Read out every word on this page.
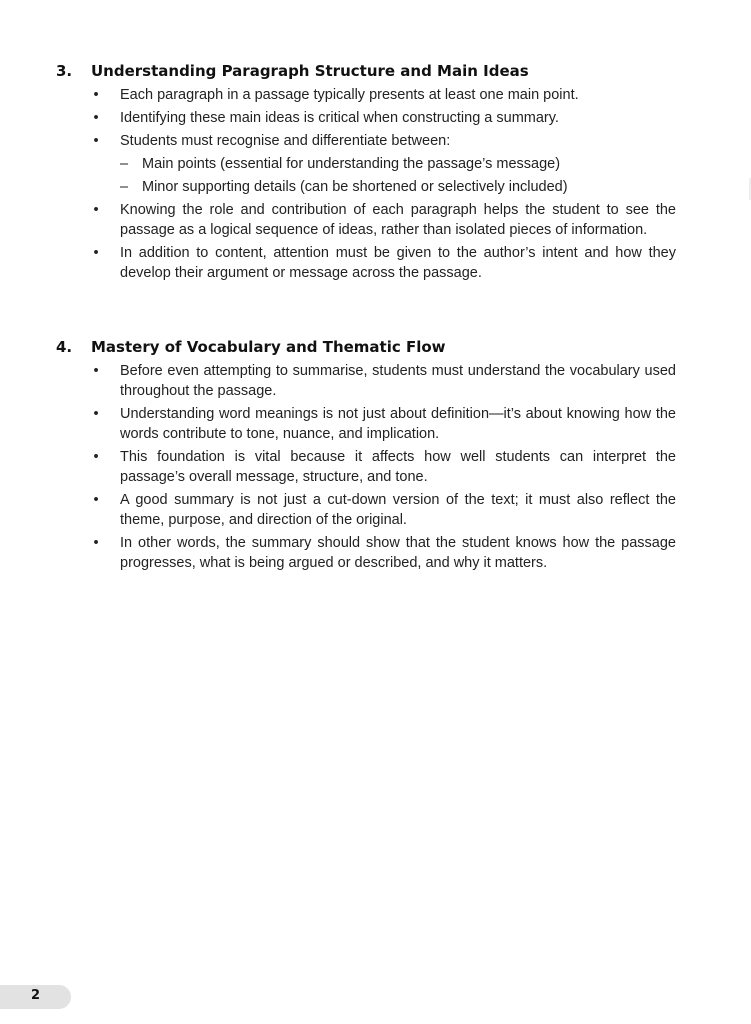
3.	Understanding Paragraph Structure and Main Ideas
• Each paragraph in a passage typically presents at least one main point.
• Identifying these main ideas is critical when constructing a summary.
• Students must recognise and differentiate between:
– Main points (essential for understanding the passage’s message)
– Minor supporting details (can be shortened or selectively included)
• Knowing the role and contribution of each paragraph helps the student to see the passage as a logical sequence of ideas, rather than isolated pieces of information.
• In addition to content, attention must be given to the author’s intent and how they develop their argument or message across the passage.
4.	Mastery of Vocabulary and Thematic Flow
• Before even attempting to summarise, students must understand the vocabulary used throughout the passage.
• Understanding word meanings is not just about definition—it’s about knowing how the words contribute to tone, nuance, and implication.
• This foundation is vital because it affects how well students can interpret the passage’s overall message, structure, and tone.
• A good summary is not just a cut-down version of the text; it must also reflect the theme, purpose, and direction of the original.
• In other words, the summary should show that the student knows how the passage progresses, what is being argued or described, and why it matters.
2
